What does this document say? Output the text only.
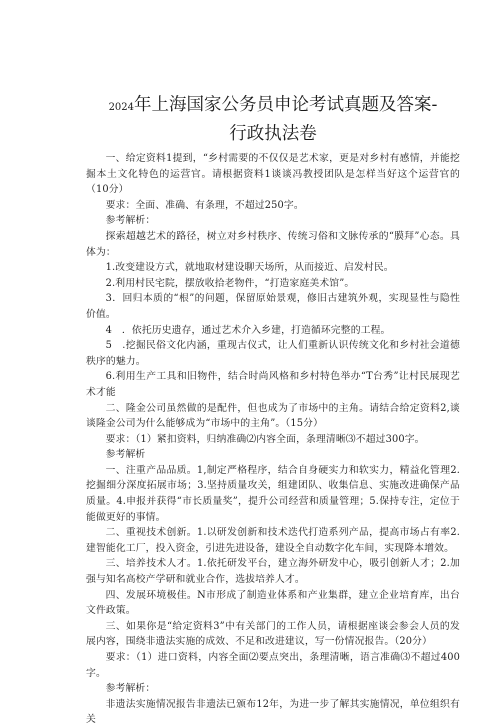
2024年上海国家公务员申论考试真题及答案-
行政执法卷

一、给定资料1提到，“乡村需要的不仅仅是艺术家，更是对乡村有感情，并能挖掘本土文化特色的运营官。请根据资料1谈谈冯教授团队是怎样当好这个运营官的（10分）

要求：全面、准确、有条理，不超过250字。

参考解析：

探索超越艺术的路径，树立对乡村秩序、传统习俗和文脉传承的“膜拜”心态。具体为：

1.改变建设方式，就地取材建设聊天场所，从而接近、启发村民。

2.利用村民宅院，摆放收拾老物件，“打造家庭美术馆”。

3．回归本质的“根”的问题，保留原始景观，修旧古建筑外观，实现显性与隐性价值。

4　．依托历史遗存，通过艺术介入乡建，打造循环完整的工程。

5　.挖掘民俗文化内涵，重现古仪式，让人们重新认识传统文化和乡村社会道德秩序的魅力。

6.利用生产工具和旧物件，结合时尚风格和乡村特色举办“T台秀”让村民展现艺术才能

二、隆金公司虽然做的是配件，但也成为了市场中的主角。请结合给定资料2,谈谈隆金公司为什么能够成为“市场中的主角”。（15分）

要求：（1）紧扣资料，归纳准确⑵内容全面，条理清晰⑶不超过300字。

参考解析

一、注重产品品质。1,制定严格程序，结合自身硬实力和软实力，精益化管理2.挖掘细分深度拓展市场；3.坚持质量攻关，组建团队、收集信息、实施改进确保产品质量。4.申报并获得“市长质量奖”，提升公司经营和质量管理；5.保持专注，定位于能做更好的事情。

二、重视技术创新。1.以研发创新和技术迭代打造系列产品，提高市场占有率2.建智能化工厂，投入资金，引进先进设备，建设全自动数字化车间，实现降本增效。

三、培养技术人才。1.依托研发平台，建立海外研发中心，吸引创新人才；2.加强与知名高校产学研和就业合作，选拔培养人才。

四、发展环境极佳。N市形成了制造业体系和产业集群，建立企业培育库，出台文件政策。

三、如果你是“给定资料3”中有关部门的工作人员，请根据座谈会参会人员的发展内容，围绕非遗法实施的成效、不足和改进建议，写一份情况报告。（20分）

要求：（1）进口资料，内容全面⑵要点突出，条理清晰，语言准确⑶不超过400字。

参考解析：

非遗法实施情况报告非遗法已颁布12年，为进一步了解其实施情况，单位组织有关
